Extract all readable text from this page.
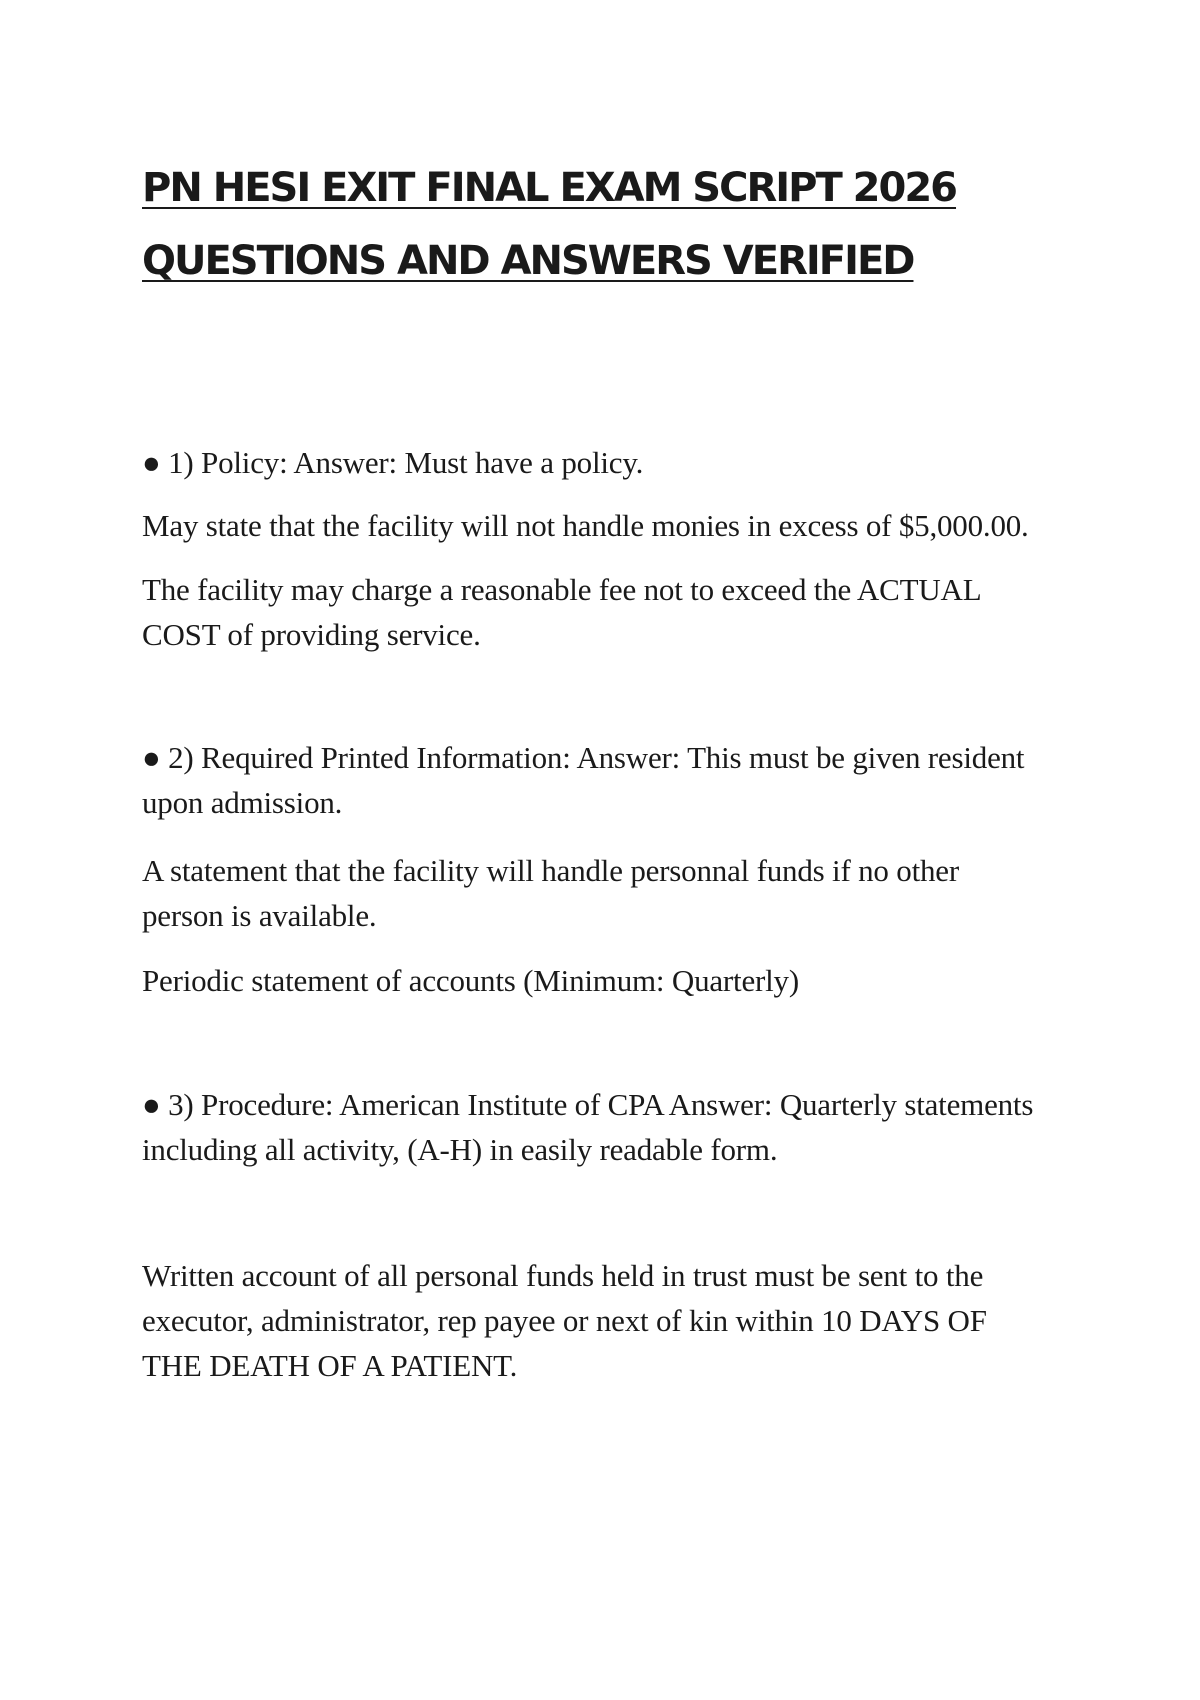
PN HESI EXIT FINAL EXAM SCRIPT 2026
QUESTIONS AND ANSWERS VERIFIED

● 1) Policy: Answer: Must have a policy.

May state that the facility will not handle monies in excess of $5,000.00.

The facility may charge a reasonable fee not to exceed the ACTUAL COST of providing service.

● 2) Required Printed Information: Answer: This must be given resident upon admission.

A statement that the facility will handle personnal funds if no other person is available.

Periodic statement of accounts (Minimum: Quarterly)

● 3) Procedure: American Institute of CPA Answer: Quarterly statements including all activity, (A-H) in easily readable form.

Written account of all personal funds held in trust must be sent to the executor, administrator, rep payee or next of kin within 10 DAYS OF THE DEATH OF A PATIENT.
